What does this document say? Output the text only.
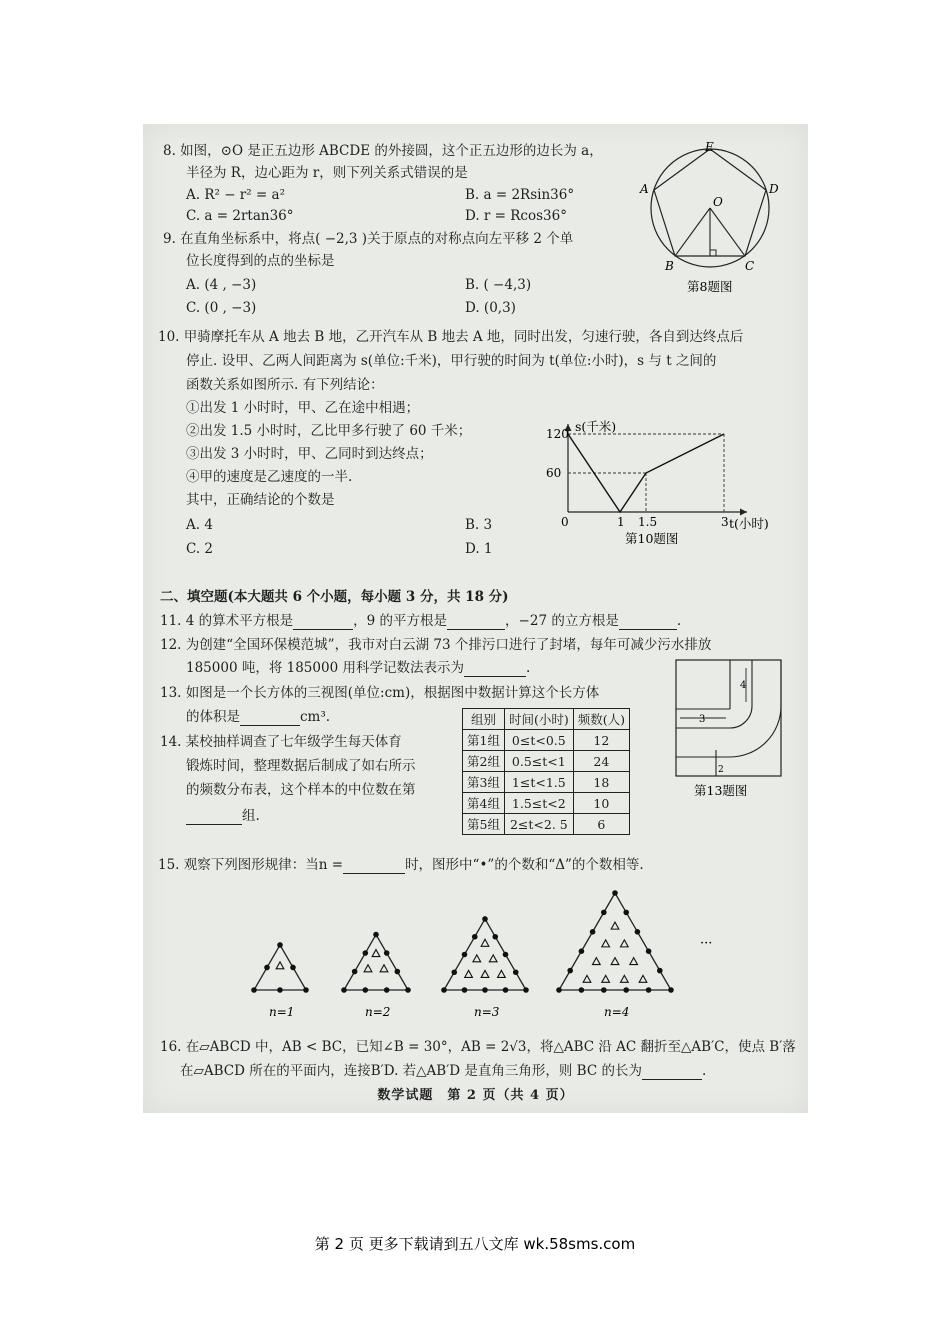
8. 如图，⊙O 是正五边形 ABCDE 的外接圆，这个正五边形的边长为 a，
半径为 R，边心距为 r，则下列关系式错误的是
A. R² − r² = a²	B. a = 2Rsin36°
C. a = 2rtan36°	D. r = Rcos36°
E
A	D
B	C
O
第8题图
9. 在直角坐标系中，将点( −2,3 )关于原点的对称点向左平移 2 个单
位长度得到的点的坐标是
A. (4 , −3)	B. ( −4,3)
C. (0 , −3)	D. (0,3)
10. 甲骑摩托车从 A 地去 B 地，乙开汽车从 B 地去 A 地，同时出发，匀速行驶，各自到达终点后
停止. 设甲、乙两人间距离为 s(单位:千米)，甲行驶的时间为 t(单位:小时)，s 与 t 之间的
函数关系如图所示. 有下列结论：
①出发 1 小时时，甲、乙在途中相遇；
②出发 1.5 小时时，乙比甲多行驶了 60 千米；
③出发 3 小时时，甲、乙同时到达终点；
④甲的速度是乙速度的一半.
其中，正确结论的个数是
A. 4	B. 3
C. 2	D. 1
s(千米)
t(小时)
0
60
120
1 1.5	3
第10题图
二、填空题(本大题共 6 个小题，每小题 3 分，共 18 分)
11. 4 的算术平方根是	，9 的平方根是	，−27 的立方根是	.
12. 为创建“全国环保模范城”，我市对白云湖 73 个排污口进行了封堵，每年可减少污水排放
185000 吨，将 185000 用科学记数法表示为	.
13. 如图是一个长方体的三视图(单位:cm)，根据图中数据计算这个长方体
的体积是	cm³.
4
3
2
第13题图
14. 某校抽样调查了七年级学生每天体育
锻炼时间，整理数据后制成了如右所示
的频数分布表，这个样本的中位数在第
组.
组别	时间(小时)	频数(人)
第1组	0≤t<0.5	12
第2组	0.5≤t<1	24
第3组	1≤t<1.5	18
第4组	1.5≤t<2	10
第5组	2≤t<2. 5	6
15. 观察下列图形规律：当n =	时，图形中“•”的个数和“Δ”的个数相等.
n=1	n=2	n=3	n=4
···
16. 在▱ABCD 中，AB < BC，已知∠B = 30°，AB = 2√3，将△ABC 沿 AC 翻折至△AB′C，使点 B′落
在▱ABCD 所在的平面内，连接B′D. 若△AB′D 是直角三角形，则 BC 的长为	.
数学试题　第 2 页（共 4 页）
第 2 页 更多下载请到五八文库 wk.58sms.com
